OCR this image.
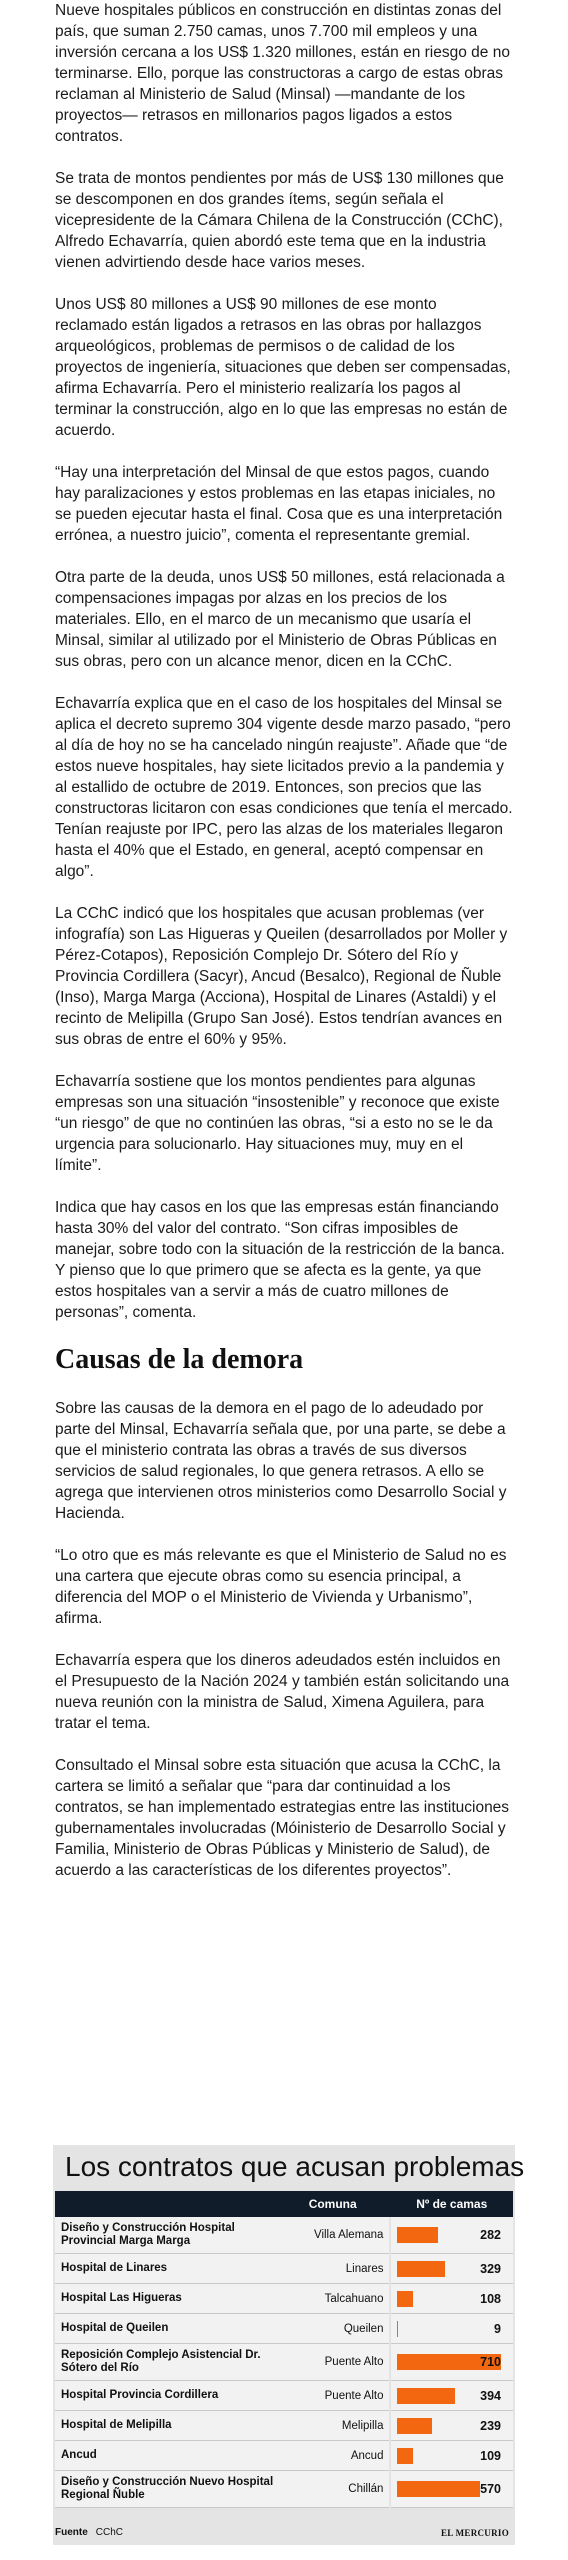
Nueve hospitales públicos en construcción en distintas zonas del país, que suman 2.750 camas, unos 7.700 mil empleos y una inversión cercana a los US$ 1.320 millones, están en riesgo de no terminarse. Ello, porque las constructoras a cargo de estas obras reclaman al Ministerio de Salud (Minsal) —mandante de los proyectos— retrasos en millonarios pagos ligados a estos contratos.

Se trata de montos pendientes por más de US$ 130 millones que se descomponen en dos grandes ítems, según señala el vicepresidente de la Cámara Chilena de la Construcción (CChC), Alfredo Echavarría, quien abordó este tema que en la industria vienen advirtiendo desde hace varios meses.

Unos US$ 80 millones a US$ 90 millones de ese monto reclamado están ligados a retrasos en las obras por hallazgos arqueológicos, problemas de permisos o de calidad de los proyectos de ingeniería, situaciones que deben ser compensadas, afirma Echavarría. Pero el ministerio realizaría los pagos al terminar la construcción, algo en lo que las empresas no están de acuerdo.

“Hay una interpretación del Minsal de que estos pagos, cuando hay paralizaciones y estos problemas en las etapas iniciales, no se pueden ejecutar hasta el final. Cosa que es una interpretación errónea, a nuestro juicio”, comenta el representante gremial.

Otra parte de la deuda, unos US$ 50 millones, está relacionada a compensaciones impagas por alzas en los precios de los materiales. Ello, en el marco de un mecanismo que usaría el Minsal, similar al utilizado por el Ministerio de Obras Públicas en sus obras, pero con un alcance menor, dicen en la CChC.

Echavarría explica que en el caso de los hospitales del Minsal se aplica el decreto supremo 304 vigente desde marzo pasado, “pero al día de hoy no se ha cancelado ningún reajuste”. Añade que “de estos nueve hospitales, hay siete licitados previo a la pandemia y al estallido de octubre de 2019. Entonces, son precios que las constructoras licitaron con esas condiciones que tenía el mercado. Tenían reajuste por IPC, pero las alzas de los materiales llegaron hasta el 40% que el Estado, en general, aceptó compensar en algo”.

La CChC indicó que los hospitales que acusan problemas (ver infografía) son Las Higueras y Queilen (desarrollados por Moller y Pérez-Cotapos), Reposición Complejo Dr. Sótero del Río y Provincia Cordillera (Sacyr), Ancud (Besalco), Regional de Ñuble (Inso), Marga Marga (Acciona), Hospital de Linares (Astaldi) y el recinto de Melipilla (Grupo San José). Estos tendrían avances en sus obras de entre el 60% y 95%.

Echavarría sostiene que los montos pendientes para algunas empresas son una situación “insostenible” y reconoce que existe “un riesgo” de que no continúen las obras, “si a esto no se le da urgencia para solucionarlo. Hay situaciones muy, muy en el límite”.

Indica que hay casos en los que las empresas están financiando hasta 30% del valor del contrato. “Son cifras imposibles de manejar, sobre todo con la situación de la restricción de la banca. Y pienso que lo que primero que se afecta es la gente, ya que estos hospitales van a servir a más de cuatro millones de personas”, comenta.

Causas de la demora

Sobre las causas de la demora en el pago de lo adeudado por parte del Minsal, Echavarría señala que, por una parte, se debe a que el ministerio contrata las obras a través de sus diversos servicios de salud regionales, lo que genera retrasos. A ello se agrega que intervienen otros ministerios como Desarrollo Social y Hacienda.

“Lo otro que es más relevante es que el Ministerio de Salud no es una cartera que ejecute obras como su esencia principal, a diferencia del MOP o el Ministerio de Vivienda y Urbanismo”, afirma.

Echavarría espera que los dineros adeudados estén incluidos en el Presupuesto de la Nación 2024 y también están solicitando una nueva reunión con la ministra de Salud, Ximena Aguilera, para tratar el tema.

Consultado el Minsal sobre esta situación que acusa la CChC, la cartera se limitó a señalar que “para dar continuidad a los contratos, se han implementado estrategias entre las instituciones gubernamentales involucradas (Móinisterio de Desarrollo Social y Familia, Ministerio de Obras Públicas y Ministerio de Salud), de acuerdo a las características de los diferentes proyectos”.

Los contratos que acusan problemas
	Comuna	Nº de camas
Diseño y Construcción Hospital Provincial Marga Marga	Villa Alemana	282

Hospital de Linares	Linares	329

Hospital Las Higueras	Talcahuano	108

Hospital de Queilen	Queilen	9

Reposición Complejo Asistencial Dr. Sótero del Río	Puente Alto	710

Hospital Provincia Cordillera	Puente Alto	394

Hospital de Melipilla	Melipilla	239

Ancud	Ancud	109

Diseño y Construcción Nuevo Hospital Regional Ñuble	Chillán	570
Fuente CChC	EL MERCURIO
